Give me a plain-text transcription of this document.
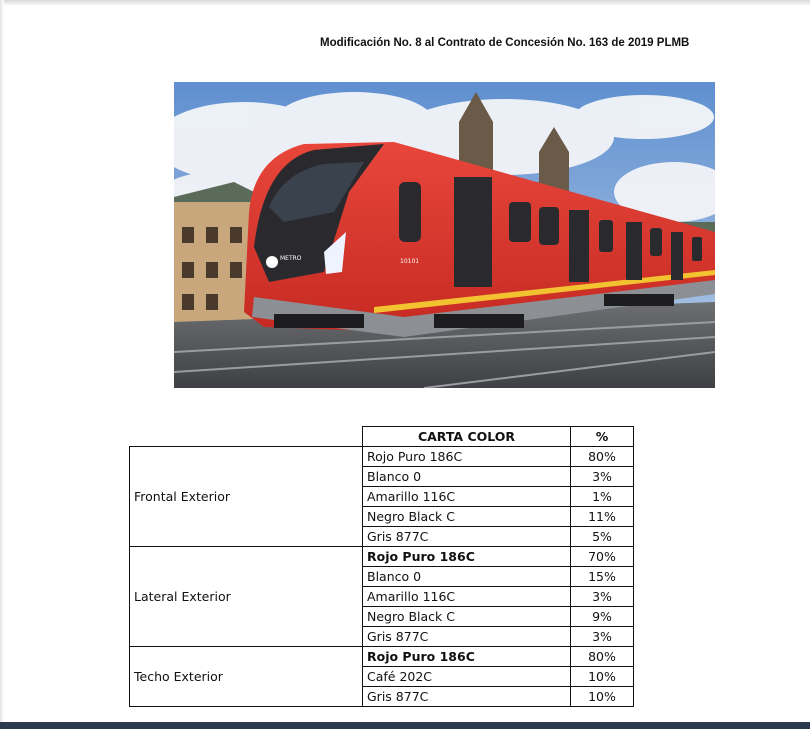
Modificación No. 8 al Contrato de Concesión No. 163 de 2019 PLMB
METRO	10101
	CARTA COLOR	%
Frontal Exterior	Rojo Puro 186C	80%
	Blanco 0	3%
	Amarillo 116C	1%
	Negro Black C	11%
	Gris 877C	5%
Lateral Exterior	Rojo Puro 186C	70%
	Blanco 0	15%
	Amarillo 116C	3%
	Negro Black C	9%
	Gris 877C	3%
Techo Exterior	Rojo Puro 186C	80%
	Café 202C	10%
	Gris 877C	10%
